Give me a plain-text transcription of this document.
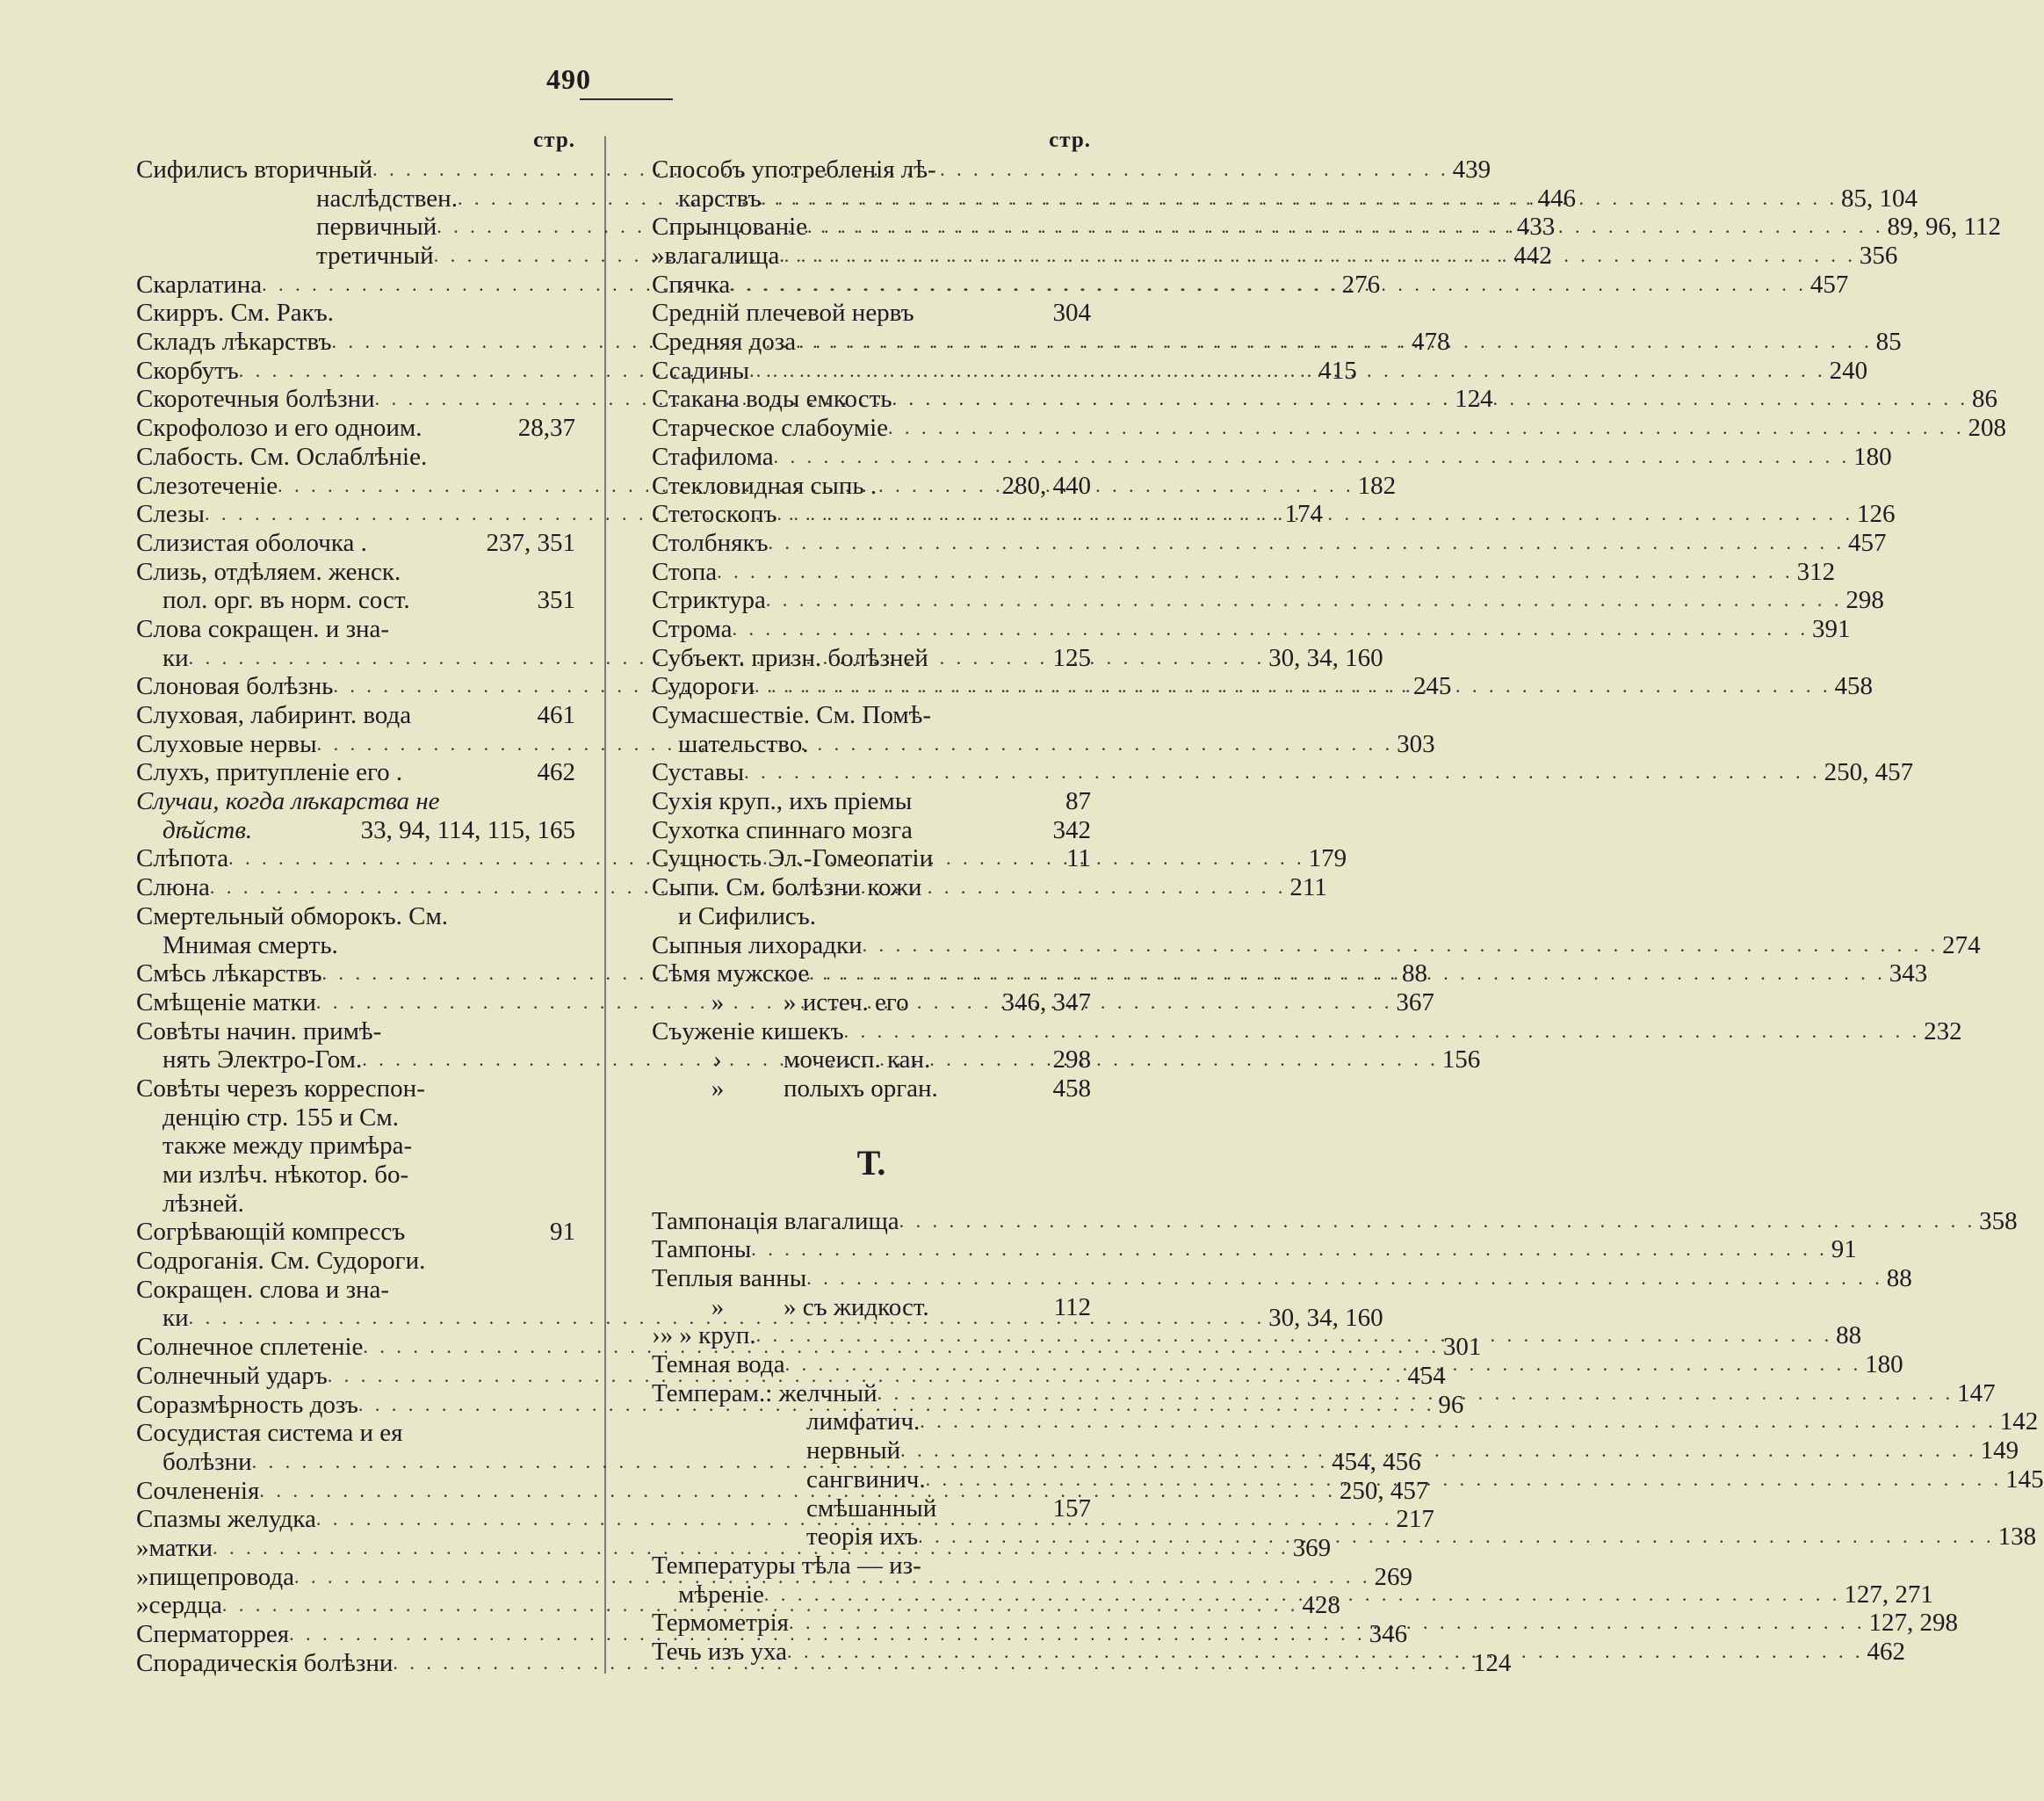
490
стр.
Сифилисъ вторичный . . .	439
наслѣдствен. . . .	446
первичный . . .	433
третичный . . .	442
Скарлатина . . .	276
Скирръ. См. Ракъ.
Складъ лѣкарствъ . . .	478
Скорбутъ . . .	415
Скоротечныя болѣзни . . .	124
Скрофолозо и его одноим.	28,37
Слабость. См. Ослаблѣніе.
Слезотеченіе . . .	182
Слезы . . .	174
Слизистая оболочка .	237, 351
Слизь, отдѣляем. женск.
пол. орг. въ норм. сост.	351
Слова сокращен. и зна-
ки . . .	30, 34, 160
Слоновая болѣзнь . . .	245
Слуховая, лабиринт. вода	461
Слуховые нервы . . .	303
Слухъ, притупленіе его .	462
Случаи, когда лѣкарства не
дѣйств.	33, 94, 114, 115, 165
Слѣпота . . .	179
Слюна . . .	211
Смертельный обморокъ. См.
Мнимая смерть.
Смѣсь лѣкарствъ . . .	88
Смѣщеніе матки . . .	367
Совѣты начин. примѣ-
нять Электро-Гом. . . .	156
Совѣты черезъ корреспон-
денцію стр. 155 и См.
также между примѣра-
ми излѣч. нѣкотор. бо-
лѣзней.
Согрѣвающій компрессъ	91
Содроганія. См. Судороги.
Сокращен. слова и зна-
ки . . .	30, 34, 160
Солнечное сплетеніе . . .	301
Солнечный ударъ . . .	454
Соразмѣрность дозъ . . .	96
Сосудистая система и ея
болѣзни . . .	454, 456
Сочлененія . . .	250, 457
Спазмы желудка . . .	217
» матки . . .	369
» пищепровода . . .	269
» сердца . . .	428
Сперматоррея . . .	346
Спорадическія болѣзни . . .	124
стр.
Способъ употребленія лѣ-
карствъ . . .	85, 104
Спрынцованіе . . .	89, 96, 112
» влагалища . . .	356
Спячка . . .	457
Средній плечевой нервъ	304
Средняя доза . . .	85
Ссадины . . .	240
Стакана воды емкость . . .	86
Старческое слабоуміе . . .	208
Стафилома . . .	180
Стекловидная сыпь .	280, 440
Стетоскопъ . . .	126
Столбнякъ . . .	457
Стопа . . .	312
Стриктура . . .	298
Строма . . .	391
Субъект. призн. болѣзней	125
Судороги . . .	458
Сумасшествіе. См. Помѣ-
шательство.
Суставы . . .	250, 457
Сухія круп., ихъ пріемы	87
Сухотка спиннаго мозга	342
Сущность Эл.-Гомеопатіи	11
Сыпи. См. болѣзни кожи
и Сифилисъ.
Сыпныя лихорадки . . .	274
Сѣмя мужское . . .	343
»	» истеч. его	346, 347
Съуженіе кишекъ . . .	232
›	мочеисп. кан.	298
»	полыхъ орган.	458
Т.
Тампонація влагалища . . .	358
Тампоны . . .	91
Теплыя ванны . . .	88
»	» съ жидкост.	112
› » » круп. . . .	88
Темная вода . . .	180
Темперам.: желчный . . .	147
лимфатич. . . .	142
нервный . . .	149
сангвинич. . . .	145
смѣшанный	157
теорія ихъ . . .	138
Температуры тѣла — из-
мѣреніе . . .	127, 271
Термометрія . . .	127, 298
Течь изъ уха . . .	462
